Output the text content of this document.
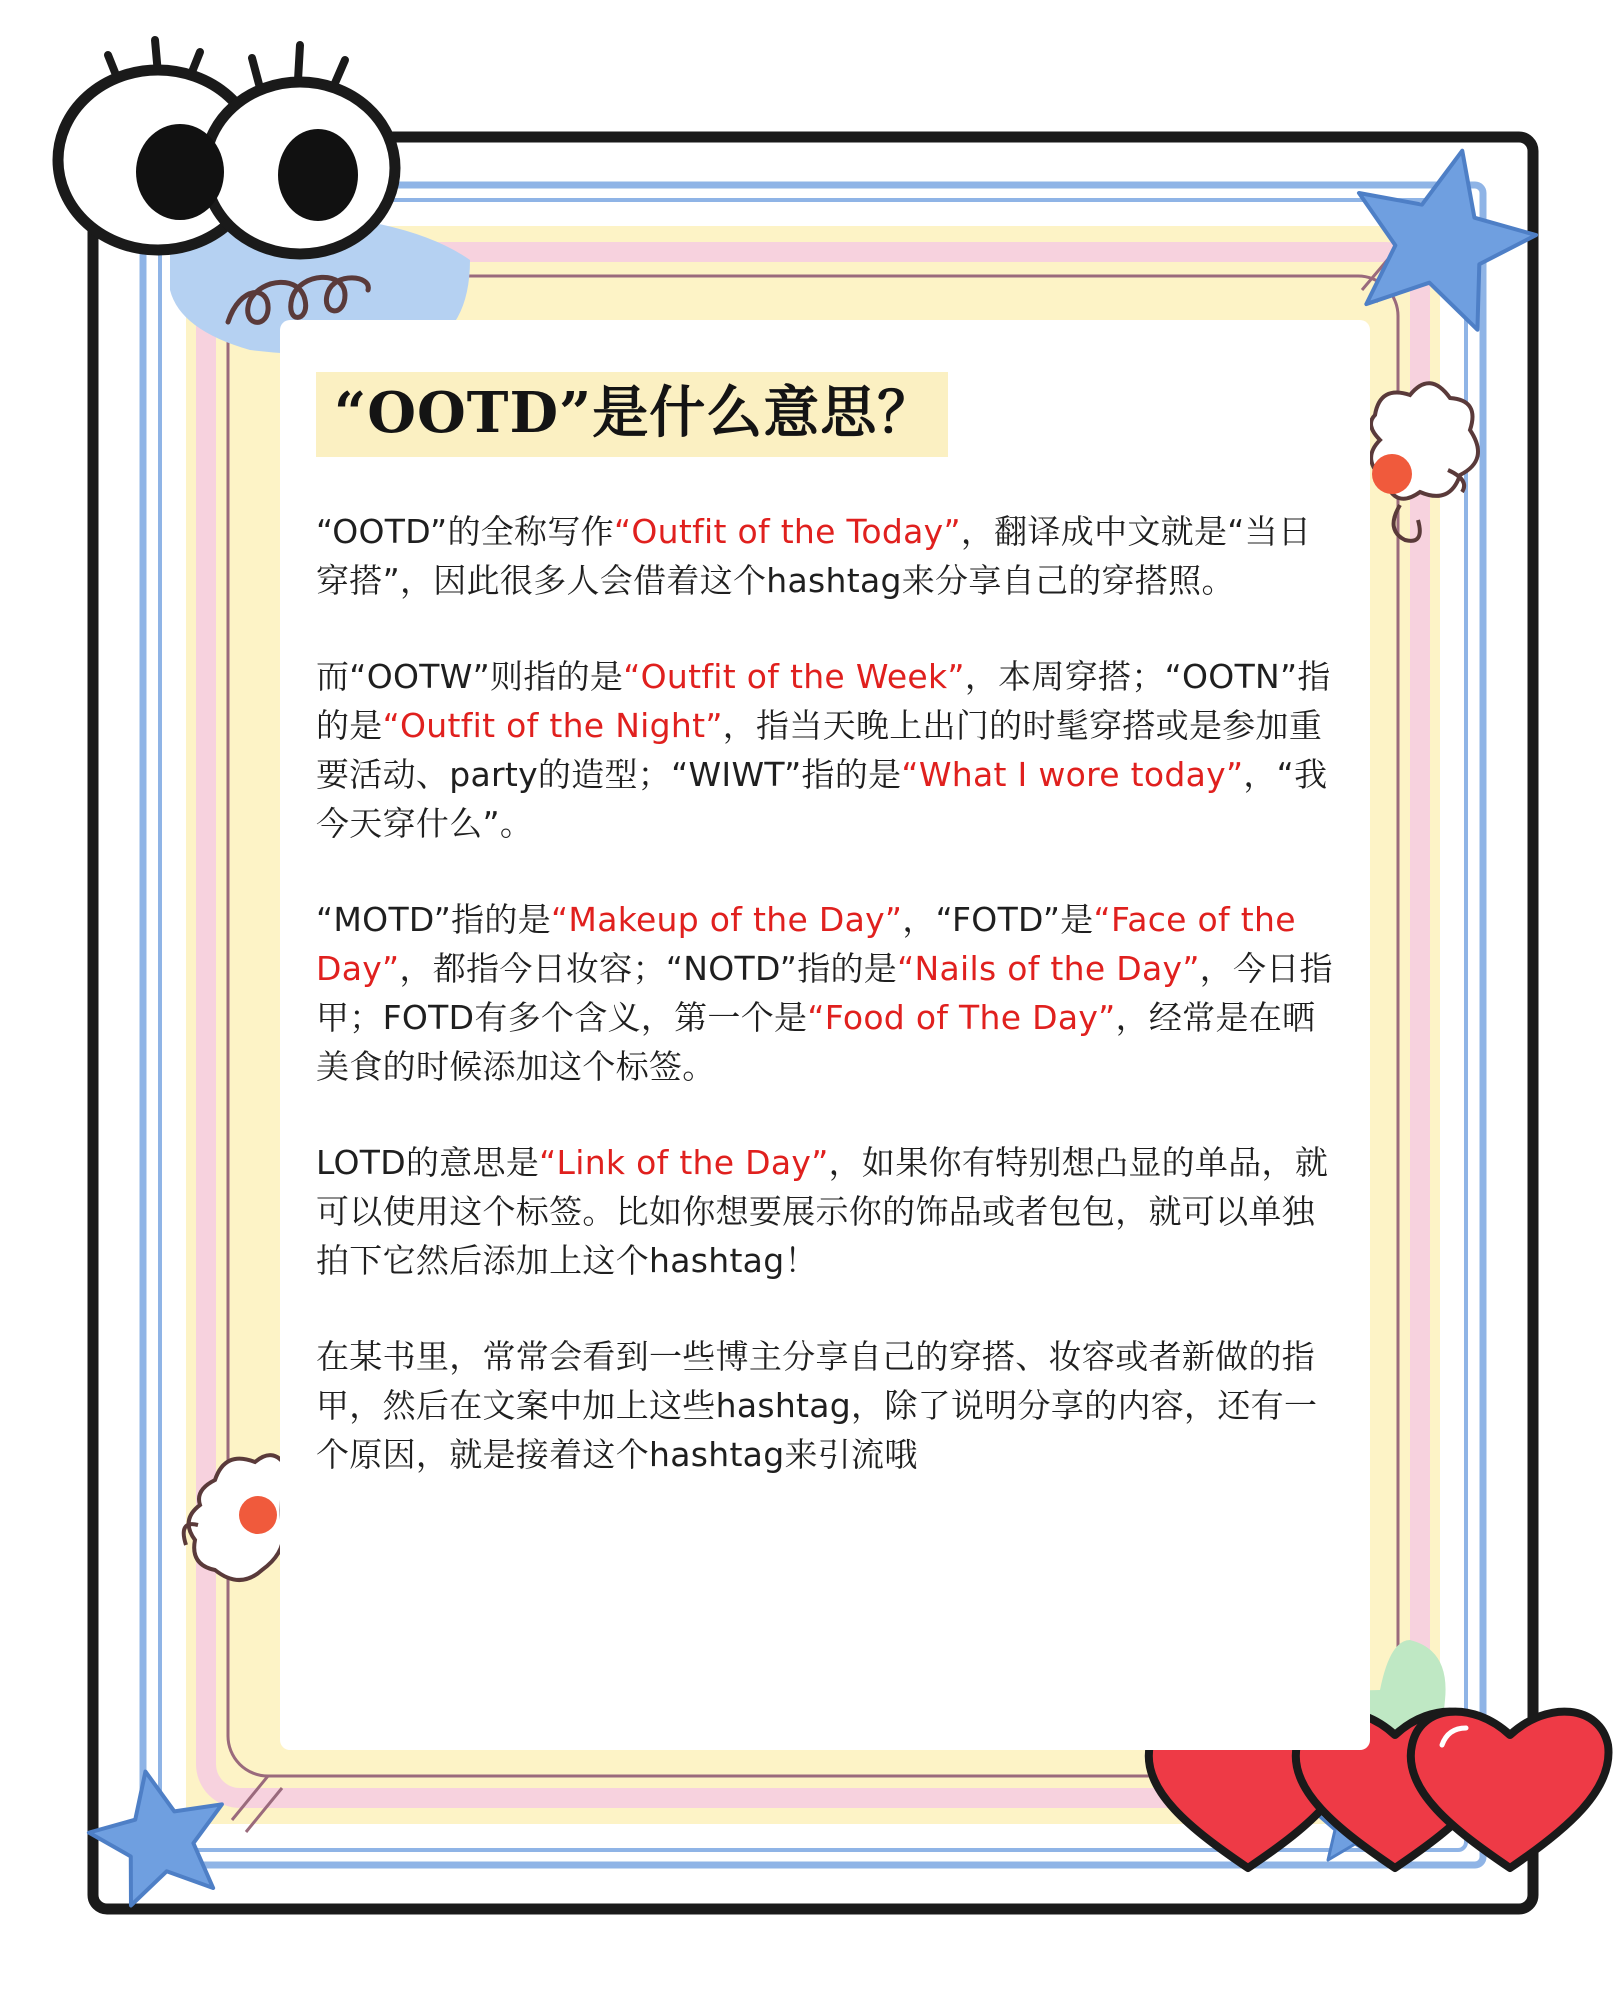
“OOTD”是什么意思？

“OOTD”的全称写作“Outfit of the Today”，翻译成中文就是“当日穿搭”，因此很多人会借着这个hashtag来分享自己的穿搭照。

而“OOTW”则指的是“Outfit of the Week”，本周穿搭；“OOTN”指的是“Outfit of the Night”，指当天晚上出门的时髦穿搭或是参加重要活动、party的造型；“WIWT”指的是“What I wore today”，“我今天穿什么”。

“MOTD”指的是“Makeup of the Day”，“FOTD”是“Face of the Day”，都指今日妆容；“NOTD”指的是“Nails of the Day”，今日指甲；FOTD有多个含义，第一个是“Food of The Day”，经常是在晒美食的时候添加这个标签。

LOTD的意思是“Link of the Day”，如果你有特别想凸显的单品，就可以使用这个标签。比如你想要展示你的饰品或者包包，就可以单独拍下它然后添加上这个hashtag！

在某书里，常常会看到一些博主分享自己的穿搭、妆容或者新做的指甲，然后在文案中加上这些hashtag，除了说明分享的内容，还有一个原因，就是接着这个hashtag来引流哦
